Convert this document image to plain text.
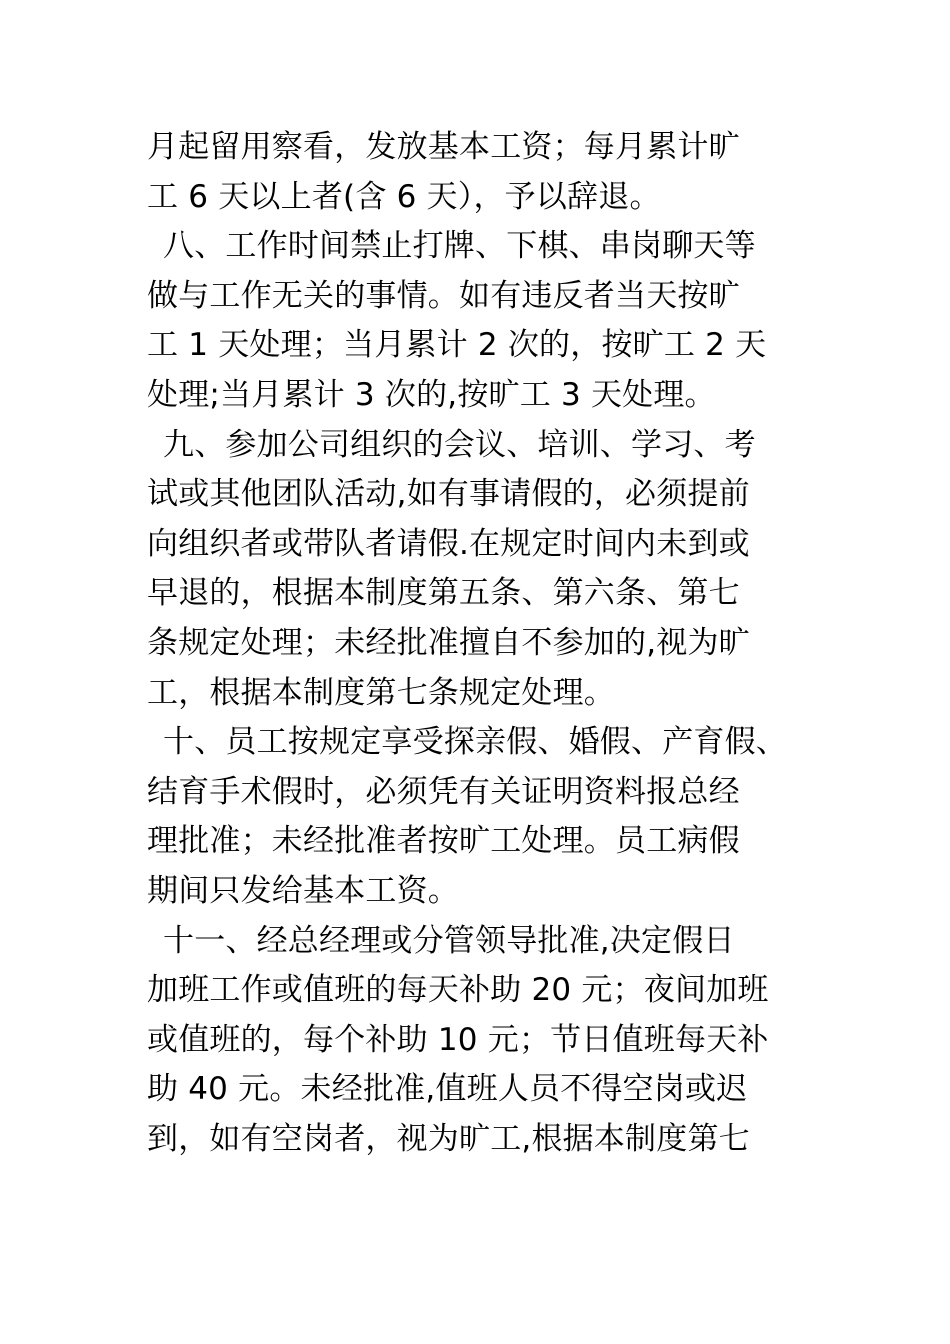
月起留用察看，发放基本工资；每月累计旷
工 6 天以上者(含 6 天），予以辞退。
八、工作时间禁止打牌、下棋、串岗聊天等
做与工作无关的事情。如有违反者当天按旷
工 1 天处理；当月累计 2 次的，按旷工 2 天
处理;当月累计 3 次的,按旷工 3 天处理。
九、参加公司组织的会议、培训、学习、考
试或其他团队活动,如有事请假的，必须提前
向组织者或带队者请假.在规定时间内未到或
早退的，根据本制度第五条、第六条、第七
条规定处理；未经批准擅自不参加的,视为旷
工，根据本制度第七条规定处理。
十、员工按规定享受探亲假、婚假、产育假、
结育手术假时，必须凭有关证明资料报总经
理批准；未经批准者按旷工处理。员工病假
期间只发给基本工资。
十一、经总经理或分管领导批准,决定假日
加班工作或值班的每天补助 20 元；夜间加班
或值班的，每个补助 10 元；节日值班每天补
助 40 元。未经批准,值班人员不得空岗或迟
到，如有空岗者，视为旷工,根据本制度第七
